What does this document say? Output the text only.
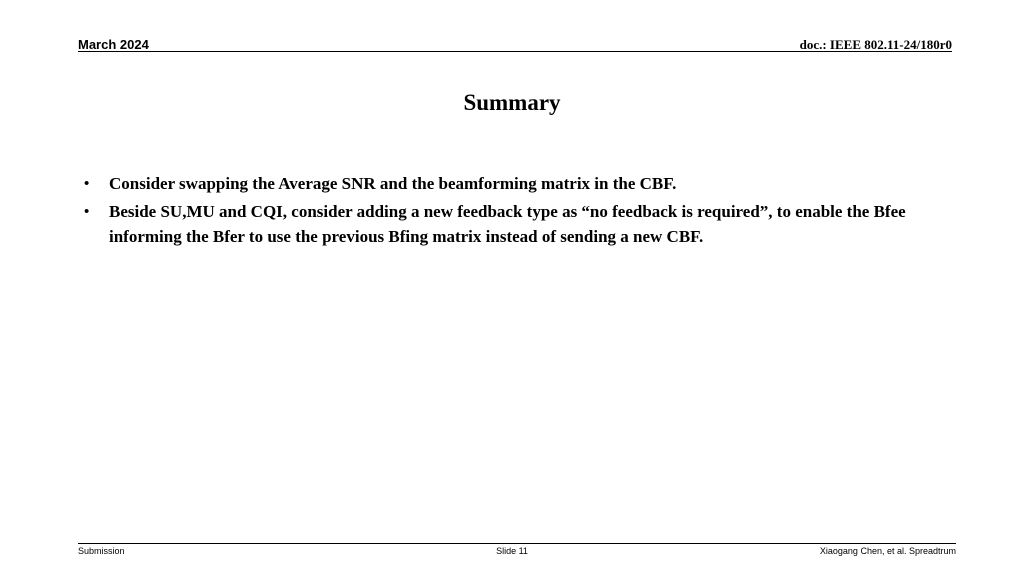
March 2024	doc.: IEEE 802.11-24/180r0
Summary
• Consider swapping the Average SNR and the beamforming matrix in the CBF.
• Beside SU,MU and CQI, consider adding a new feedback type as “no feedback is required”, to enable the Bfee informing the Bfer to use the previous Bfing matrix instead of sending a new CBF.
Submission	Slide 11	Xiaogang Chen, et al. Spreadtrum
